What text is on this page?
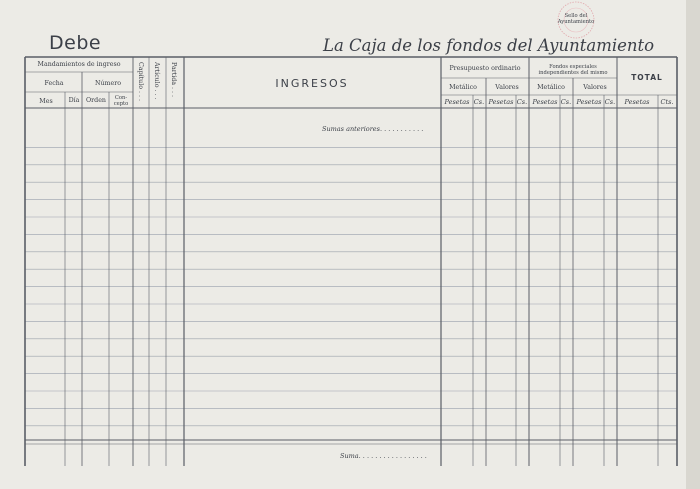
Debe	La Caja de los fondos del Ayuntamiento
Sello del
Ayuntamiento
Mandamientos de ingreso
Fecha	Número
Mes	Día Orden Con-
cepto
Capítulo . . . Artículo . . . Partida . . .	INGRESOS
Presupuesto ordinario
Metálico	Valores
Fondos especiales
independientes del mismo
Metálico	Valores
TOTAL
Pesetas Cs. Pesetas Cs. Pesetas Cs. Pesetas Cs. Pesetas Cts.
Sumas anteriores. . . . . . . . . . .
Suma. . . . . . . . . . . . . . . . .
